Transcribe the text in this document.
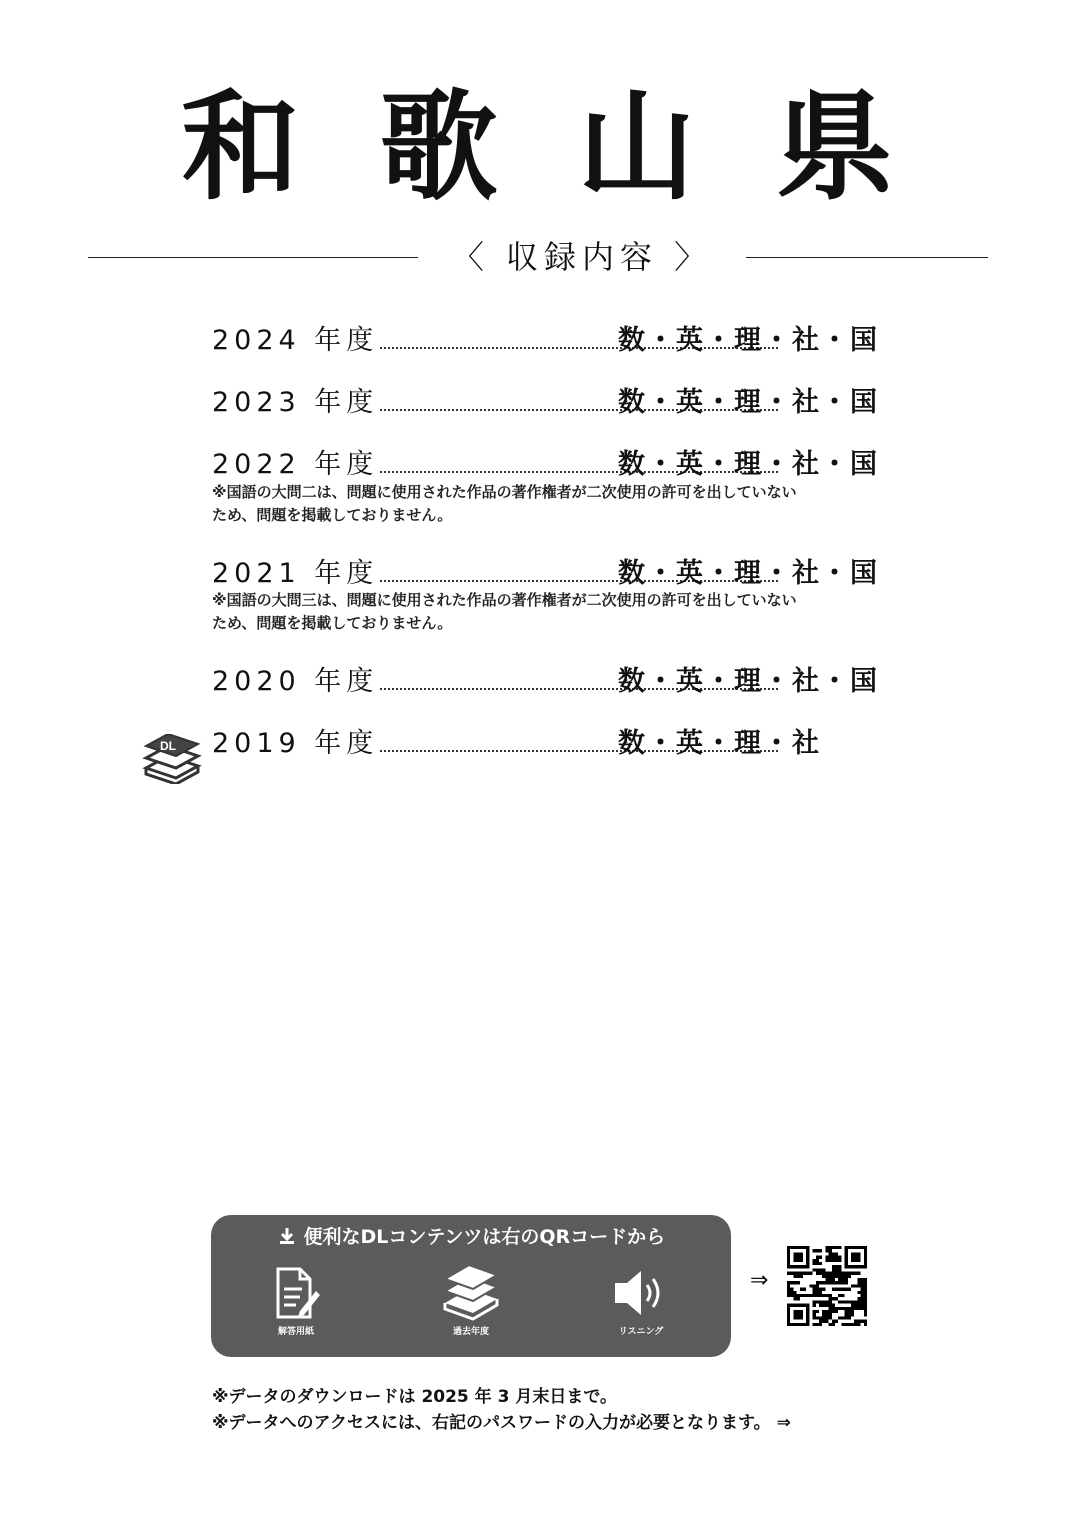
和 歌 山 県
〈 収録内容 〉
2024 年度	数・英・理・社・国
2023 年度	数・英・理・社・国
2022 年度	数・英・理・社・国
※国語の大問二は、問題に使用された作品の著作権者が二次使用の許可を出していない
ため、問題を掲載しておりません。
2021 年度	数・英・理・社・国
※国語の大問三は、問題に使用された作品の著作権者が二次使用の許可を出していない
ため、問題を掲載しておりません。
2020 年度	数・英・理・社・国
2019 年度	数・英・理・社
DL
便利なDLコンテンツは右のQRコードから
解答用紙	過去年度	リスニング
⇒
※データのダウンロードは 2025 年 3 月末日まで。
※データへのアクセスには、右記のパスワードの入力が必要となります。 ⇒
